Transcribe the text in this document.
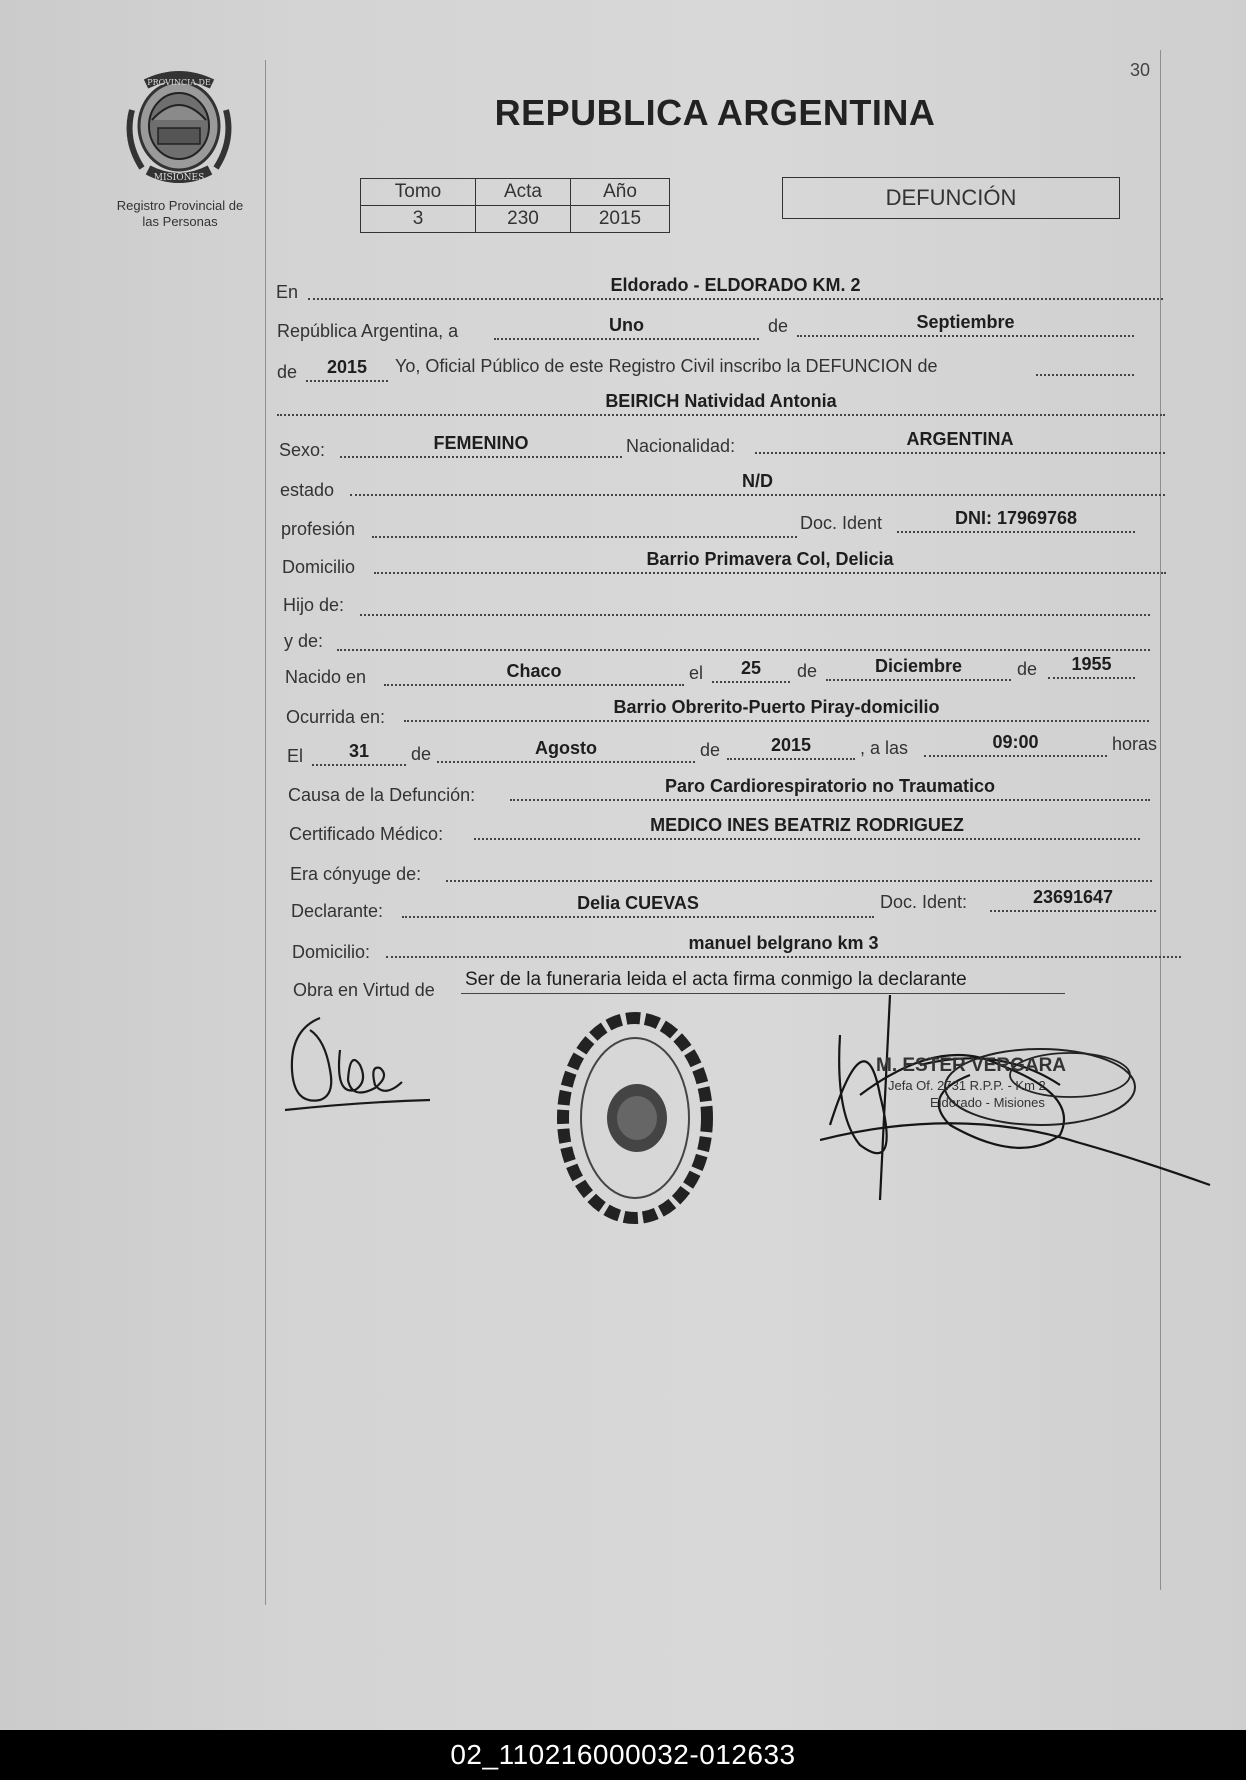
30
PROVINCIA DE
MISIONES
Registro Provincial de
las Personas
REPUBLICA ARGENTINA
Tomo	Acta	Año
3	230	2015
DEFUNCIÓN
En	Eldorado - ELDORADO KM. 2
República Argentina, a	Uno	de	Septiembre
de	2015	Yo, Oficial Público de este Registro Civil inscribo la DEFUNCION de
BEIRICH Natividad Antonia
Sexo:	FEMENINO	Nacionalidad:	ARGENTINA
estado	N/D
profesión	Doc. Ident	DNI: 17969768
Domicilio	Barrio Primavera Col, Delicia
Hijo de:
y de:
Nacido en	Chaco	el	25	de	Diciembre	de	1955
Ocurrida en:	Barrio Obrerito-Puerto Piray-domicilio
El	31	de	Agosto	de	2015	, a las	09:00	horas
Causa de la Defunción:	Paro Cardiorespiratorio no Traumatico
Certificado Médico:	MEDICO INES BEATRIZ RODRIGUEZ
Era cónyuge de:
Declarante:	Delia CUEVAS	Doc. Ident:	23691647
Domicilio:	manuel belgrano km 3
Obra en Virtud de Ser de la funeraria leida el acta firma conmigo la declarante
M. ESTER VERGARA
Jefa Of. 2731 R.P.P. - Km 2
Eldorado - Misiones
02_110216000032-012633
